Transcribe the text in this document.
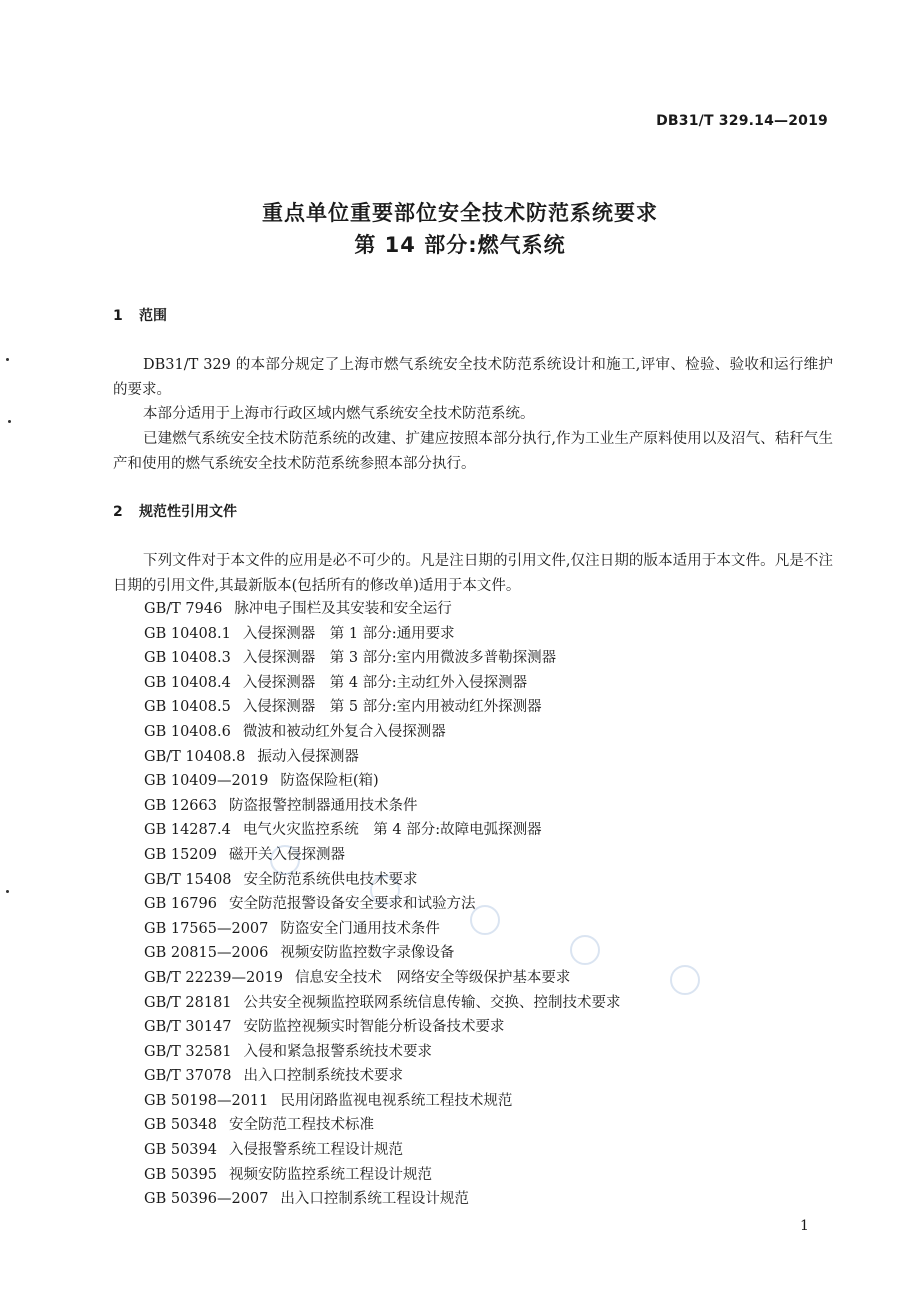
DB31/T 329.14—2019
重点单位重要部位安全技术防范系统要求
第 14 部分:燃气系统
1 范围
DB31/T 329 的本部分规定了上海市燃气系统安全技术防范系统设计和施工,评审、检验、验收和运行维护的要求。
本部分适用于上海市行政区域内燃气系统安全技术防范系统。
已建燃气系统安全技术防范系统的改建、扩建应按照本部分执行,作为工业生产原料使用以及沼气、秸秆气生产和使用的燃气系统安全技术防范系统参照本部分执行。
2 规范性引用文件
下列文件对于本文件的应用是必不可少的。凡是注日期的引用文件,仅注日期的版本适用于本文件。凡是不注日期的引用文件,其最新版本(包括所有的修改单)适用于本文件。
GB/T 7946 脉冲电子围栏及其安装和安全运行
GB 10408.1 入侵探测器　第 1 部分:通用要求
GB 10408.3 入侵探测器　第 3 部分:室内用微波多普勒探测器
GB 10408.4 入侵探测器　第 4 部分:主动红外入侵探测器
GB 10408.5 入侵探测器　第 5 部分:室内用被动红外探测器
GB 10408.6 微波和被动红外复合入侵探测器
GB/T 10408.8 振动入侵探测器
GB 10409—2019 防盗保险柜(箱)
GB 12663 防盗报警控制器通用技术条件
GB 14287.4 电气火灾监控系统　第 4 部分:故障电弧探测器
GB 15209 磁开关入侵探测器
GB/T 15408 安全防范系统供电技术要求
GB 16796 安全防范报警设备安全要求和试验方法
GB 17565—2007 防盗安全门通用技术条件
GB 20815—2006 视频安防监控数字录像设备
GB/T 22239—2019 信息安全技术　网络安全等级保护基本要求
GB/T 28181 公共安全视频监控联网系统信息传输、交换、控制技术要求
GB/T 30147 安防监控视频实时智能分析设备技术要求
GB/T 32581 入侵和紧急报警系统技术要求
GB/T 37078 出入口控制系统技术要求
GB 50198—2011 民用闭路监视电视系统工程技术规范
GB 50348 安全防范工程技术标准
GB 50394 入侵报警系统工程设计规范
GB 50395 视频安防监控系统工程设计规范
GB 50396—2007 出入口控制系统工程设计规范
1
